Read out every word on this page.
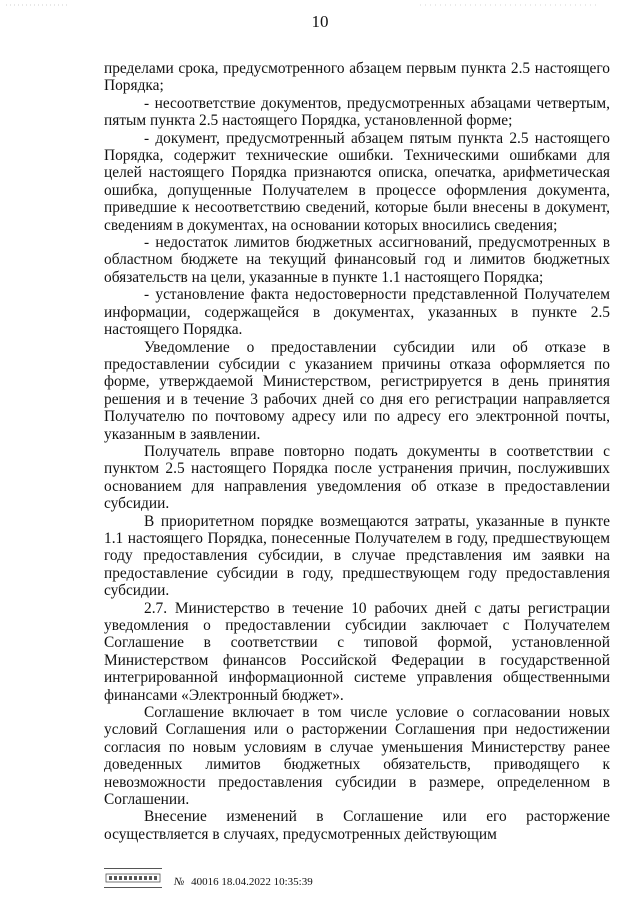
10

пределами срока, предусмотренного абзацем первым пункта 2.5 настоящего Порядка;

- несоответствие документов, предусмотренных абзацами четвертым, пятым пункта 2.5 настоящего Порядка, установленной форме;

- документ, предусмотренный абзацем пятым пункта 2.5 настоящего Порядка, содержит технические ошибки. Техническими ошибками для целей настоящего Порядка признаются описка, опечатка, арифметическая ошибка, допущенные Получателем в процессе оформления документа, приведшие к несоответствию сведений, которые были внесены в документ, сведениям в документах, на основании которых вносились сведения;

- недостаток лимитов бюджетных ассигнований, предусмотренных в областном бюджете на текущий финансовый год и лимитов бюджетных обязательств на цели, указанные в пункте 1.1 настоящего Порядка;

- установление факта недостоверности представленной Получателем информации, содержащейся в документах, указанных в пункте 2.5 настоящего Порядка.

Уведомление о предоставлении субсидии или об отказе в предоставлении субсидии с указанием причины отказа оформляется по форме, утверждаемой Министерством, регистрируется в день принятия решения и в течение 3 рабочих дней со дня его регистрации направляется Получателю по почтовому адресу или по адресу его электронной почты, указанным в заявлении.

Получатель вправе повторно подать документы в соответствии с пунктом 2.5 настоящего Порядка после устранения причин, послуживших основанием для направления уведомления об отказе в предоставлении субсидии.

В приоритетном порядке возмещаются затраты, указанные в пункте 1.1 настоящего Порядка, понесенные Получателем в году, предшествующем году предоставления субсидии, в случае представления им заявки на предоставление субсидии в году, предшествующем году предоставления субсидии.

2.7. Министерство в течение 10 рабочих дней с даты регистрации уведомления о предоставлении субсидии заключает с Получателем Соглашение в соответствии с типовой формой, установленной Министерством финансов Российской Федерации в государственной интегрированной информационной системе управления общественными финансами «Электронный бюджет».

Соглашение включает в том числе условие о согласовании новых условий Соглашения или о расторжении Соглашения при недостижении согласия по новым условиям в случае уменьшения Министерству ранее доведенных лимитов бюджетных обязательств, приводящего к невозможности предоставления субсидии в размере, определенном в Соглашении.

Внесение изменений в Соглашение или его расторжение осуществляется в случаях, предусмотренных действующим

№ 40016 18.04.2022 10:35:39
